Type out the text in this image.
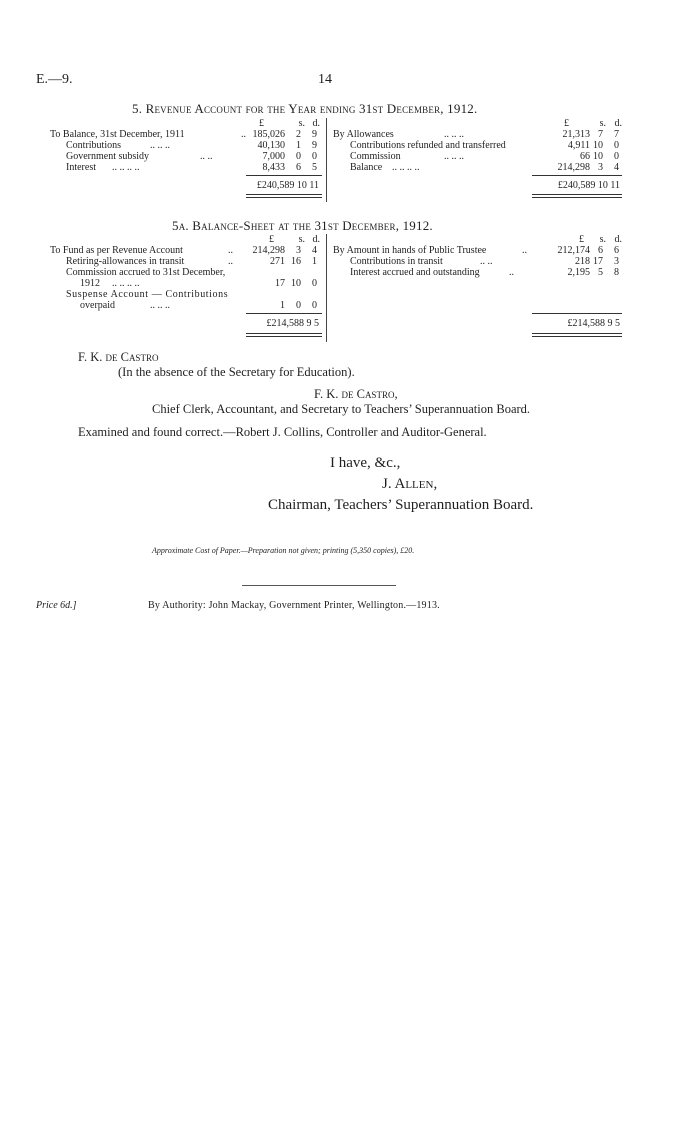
E.—9.	14
5. Revenue Account for the Year ending 31st December, 1912.
£	s. d.	£	s. d.
To Balance, 31st December, 1911	.. 185,026	2	9
Contributions	.. .. ..	40,130	1	9
Government subsidy	.. ..	7,000	0	0
Interest .. .. .. ..	8,433	6	5
By Allowances	.. .. ..	21,313 7	7
Contributions refunded and transferred	4,911 10	0
Commission	.. .. ..	66 10	0
Balance .. .. .. ..	214,298 3	4
£240,589 10 11	£240,589 10 11
5a. Balance-Sheet at the 31st December, 1912.
£	s. d.	£	s. d.
To Fund as per Revenue Account	..	214,298	3	4
Retiring-allowances in transit	..	271 16	1
Commission accrued to 31st December,
1912 .. .. .. ..	17 10	0
Suspense Account — Contributions
overpaid	.. .. ..	1	0	0
By Amount in hands of Public Trustee	..	212,174 6	6
Contributions in transit	.. ..	218 17	3
Interest accrued and outstanding	..	2,195 5	8
£214,588 9 5	£214,588 9 5
F. K. de Castro
(In the absence of the Secretary for Education).
F. K. de Castro,
Chief Clerk, Accountant, and Secretary to Teachers’ Superannuation Board.
Examined and found correct.—Robert J. Collins, Controller and Auditor-General.
I have, &c.,
J. Allen,
Chairman, Teachers’ Superannuation Board.
Approximate Cost of Paper.—Preparation not given; printing (5,350 copies), £20.
Price 6d.]	By Authority: John Mackay, Government Printer, Wellington.—1913.
